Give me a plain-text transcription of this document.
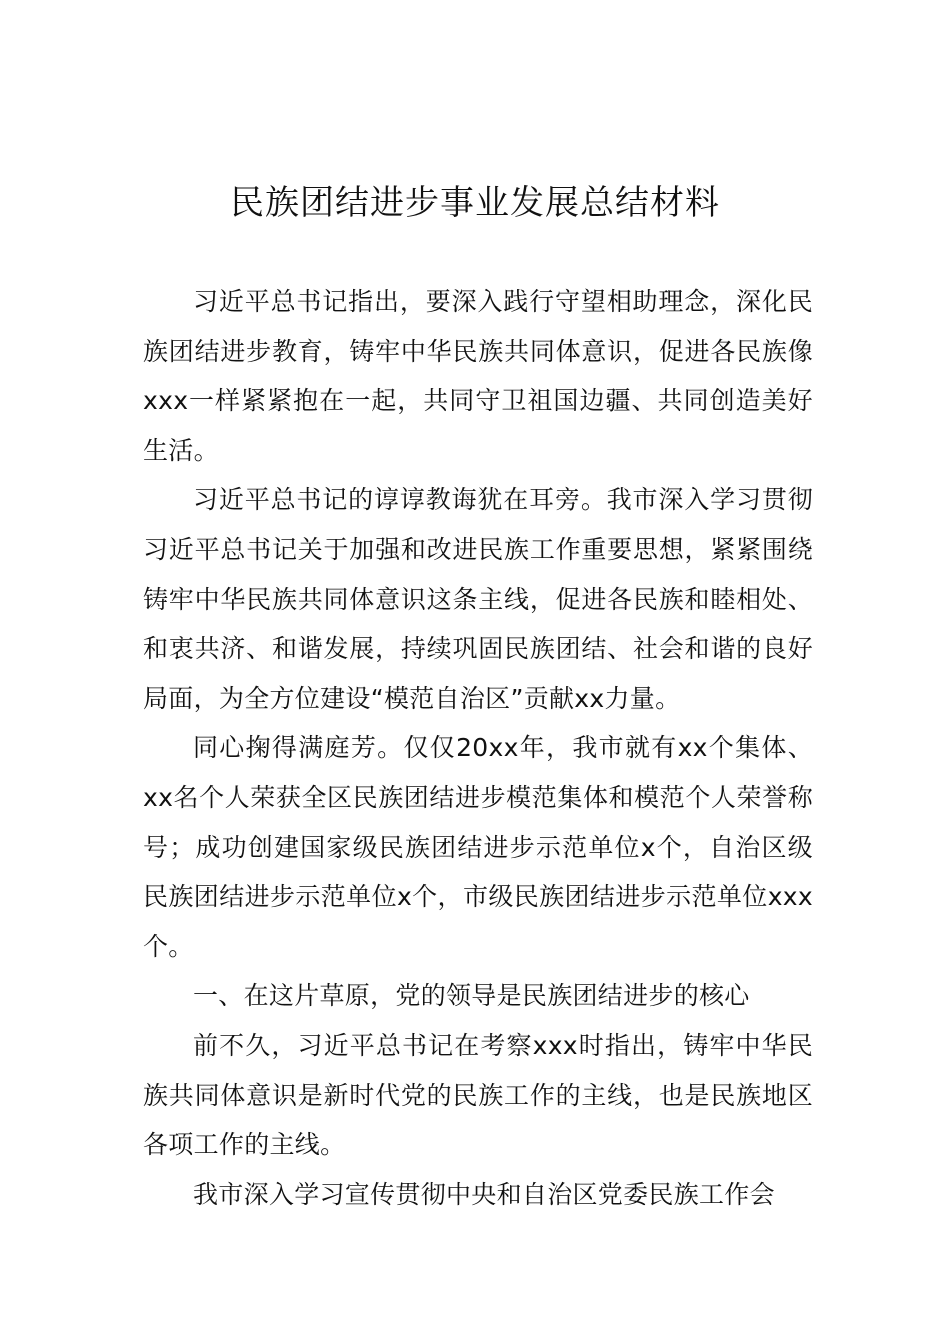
民族团结进步事业发展总结材料

习近平总书记指出，要深入践行守望相助理念，深化民族团结进步教育，铸牢中华民族共同体意识，促进各民族像xxx一样紧紧抱在一起，共同守卫祖国边疆、共同创造美好生活。

习近平总书记的谆谆教诲犹在耳旁。我市深入学习贯彻习近平总书记关于加强和改进民族工作重要思想，紧紧围绕铸牢中华民族共同体意识这条主线，促进各民族和睦相处、和衷共济、和谐发展，持续巩固民族团结、社会和谐的良好局面，为全方位建设“模范自治区”贡献xx力量。

同心掬得满庭芳。仅仅20xx年，我市就有xx个集体、xx名个人荣获全区民族团结进步模范集体和模范个人荣誉称号；成功创建国家级民族团结进步示范单位x个，自治区级民族团结进步示范单位x个，市级民族团结进步示范单位xxx个。

一、在这片草原，党的领导是民族团结进步的核心

前不久，习近平总书记在考察xxx时指出，铸牢中华民族共同体意识是新时代党的民族工作的主线，也是民族地区各项工作的主线。

我市深入学习宣传贯彻中央和自治区党委民族工作会
